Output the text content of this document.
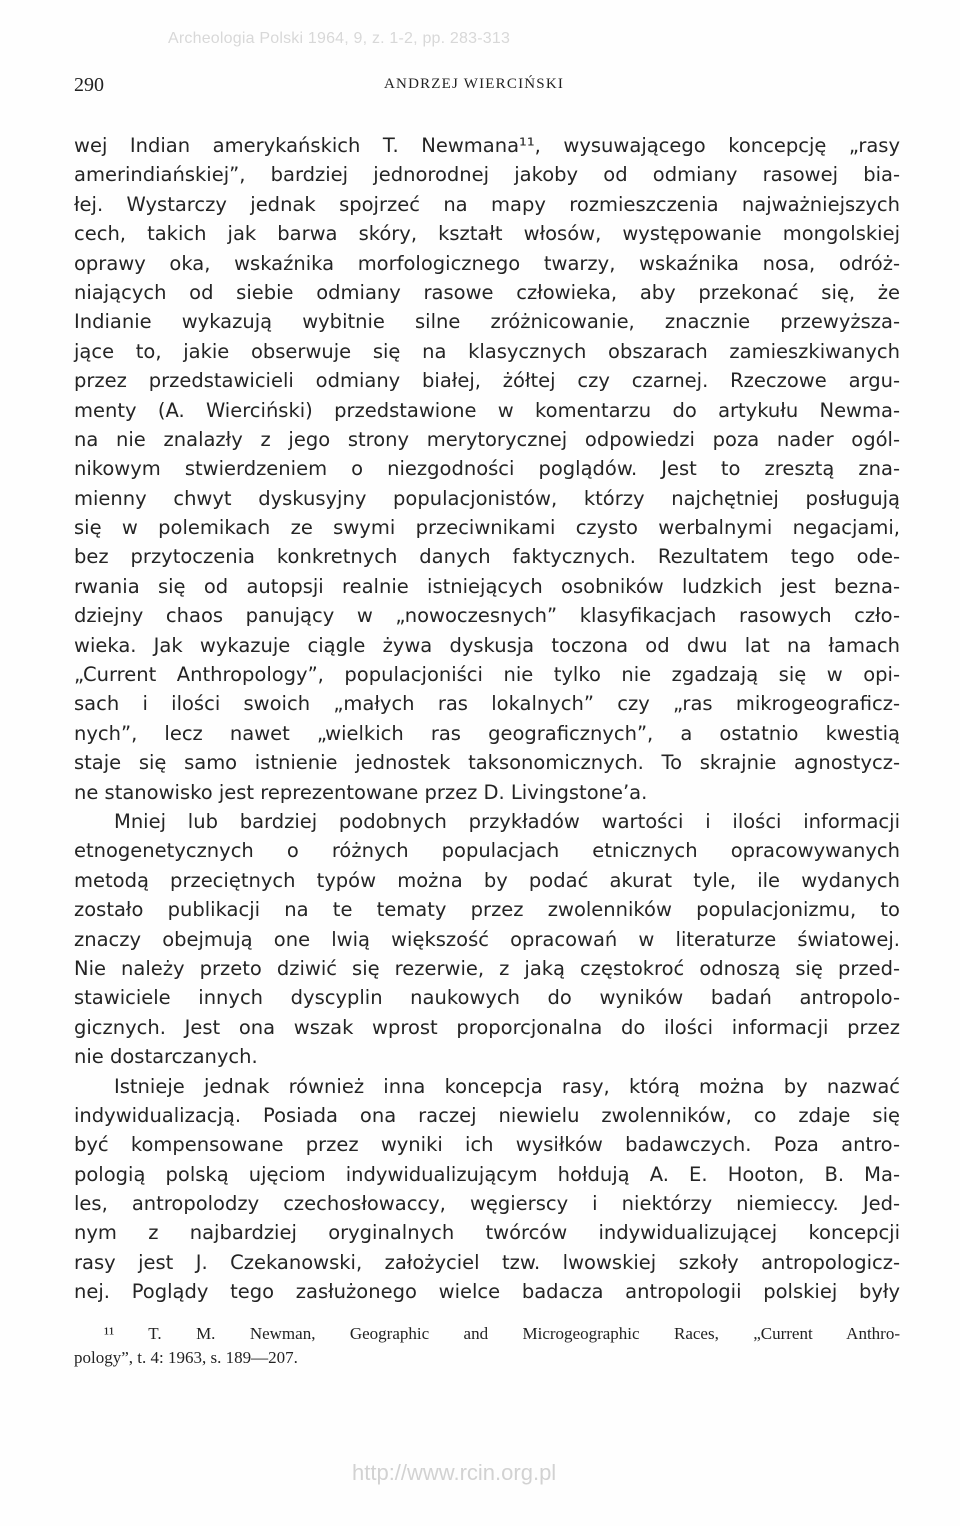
Archeologia Polski 1964, 9, z. 1-2, pp. 283-313
290	ANDRZEJ WIERCIŃSKI
wej Indian amerykańskich T. Newmana¹¹, wysuwającego koncepcję „rasy
amerindiańskiej”, bardziej jednorodnej jakoby od odmiany rasowej bia-
łej. Wystarczy jednak spojrzeć na mapy rozmieszczenia najważniejszych
cech, takich jak barwa skóry, kształt włosów, występowanie mongolskiej
oprawy oka, wskaźnika morfologicznego twarzy, wskaźnika nosa, odróż-
niających od siebie odmiany rasowe człowieka, aby przekonać się, że
Indianie wykazują wybitnie silne zróżnicowanie, znacznie przewyższa-
jące to, jakie obserwuje się na klasycznych obszarach zamieszkiwanych
przez przedstawicieli odmiany białej, żółtej czy czarnej. Rzeczowe argu-
menty (A. Wierciński) przedstawione w komentarzu do artykułu Newma-
na nie znalazły z jego strony merytorycznej odpowiedzi poza nader ogól-
nikowym stwierdzeniem o niezgodności poglądów. Jest to zresztą zna-
mienny chwyt dyskusyjny populacjonistów, którzy najchętniej posługują
się w polemikach ze swymi przeciwnikami czysto werbalnymi negacjami,
bez przytoczenia konkretnych danych faktycznych. Rezultatem tego ode-
rwania się od autopsji realnie istniejących osobników ludzkich jest bezna-
dziejny chaos panujący w „nowoczesnych” klasyfikacjach rasowych czło-
wieka. Jak wykazuje ciągle żywa dyskusja toczona od dwu lat na łamach
„Current Anthropology”, populacjoniści nie tylko nie zgadzają się w opi-
sach i ilości swoich „małych ras lokalnych” czy „ras mikrogeograficz-
nych”, lecz nawet „wielkich ras geograficznych”, a ostatnio kwestią
staje się samo istnienie jednostek taksonomicznych. To skrajnie agnostycz-
ne stanowisko jest reprezentowane przez D. Livingstone’a.
Mniej lub bardziej podobnych przykładów wartości i ilości informacji
etnogenetycznych o różnych populacjach etnicznych opracowywanych
metodą przeciętnych typów można by podać akurat tyle, ile wydanych
zostało publikacji na te tematy przez zwolenników populacjonizmu, to
znaczy obejmują one lwią większość opracowań w literaturze światowej.
Nie należy przeto dziwić się rezerwie, z jaką częstokroć odnoszą się przed-
stawiciele innych dyscyplin naukowych do wyników badań antropolo-
gicznych. Jest ona wszak wprost proporcjonalna do ilości informacji przez
nie dostarczanych.
Istnieje jednak również inna koncepcja rasy, którą można by nazwać
indywidualizacją. Posiada ona raczej niewielu zwolenników, co zdaje się
być kompensowane przez wyniki ich wysiłków badawczych. Poza antro-
pologią polską ujęciom indywidualizującym hołdują A. E. Hooton, B. Ma-
les, antropolodzy czechosłowaccy, węgierscy i niektórzy niemieccy. Jed-
nym z najbardziej oryginalnych twórców indywidualizującej koncepcji
rasy jest J. Czekanowski, założyciel tzw. lwowskiej szkoły antropologicz-
nej. Poglądy tego zasłużonego wielce badacza antropologii polskiej były
¹¹ T. M. Newman, Geographic and Microgeographic Races, „Current Anthro-
pology”, t. 4: 1963, s. 189—207.
http://www.rcin.org.pl
